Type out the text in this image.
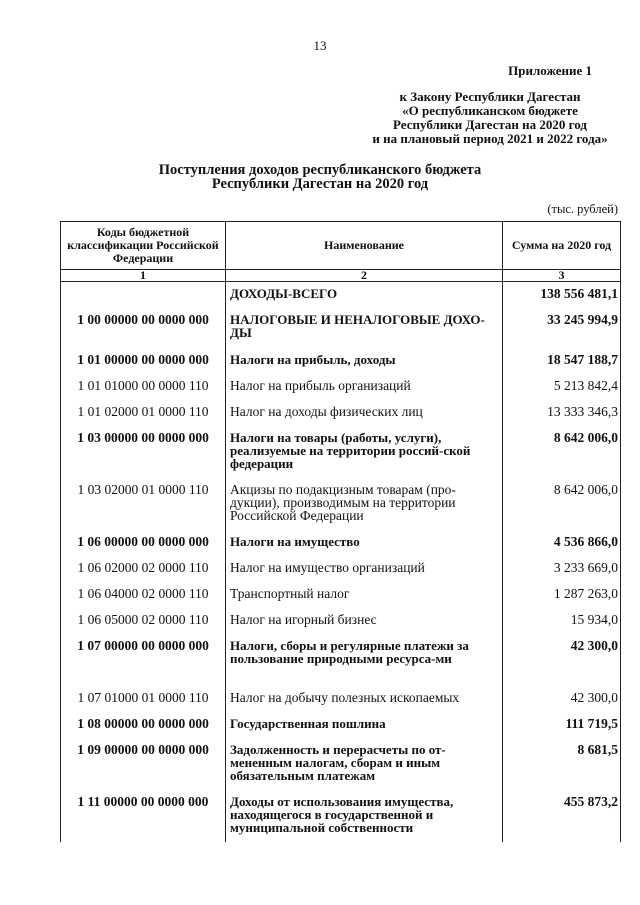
13
Приложение 1
к Закону Республики Дагестан
«О республиканском бюджете
Республики Дагестан на 2020 год
и на плановый период 2021 и 2022 года»
Поступления доходов республиканского бюджета
Республики Дагестан на 2020 год
(тыс. рублей)
Коды бюджетной классификации Российской Федерации	Наименование	Сумма на 2020 год
1	2	3
	ДОХОДЫ-ВСЕГО	138 556 481,1
1 00 00000 00 0000 000	НАЛОГОВЫЕ И НЕНАЛОГОВЫЕ ДОХО-ДЫ	33 245 994,9
1 01 00000 00 0000 000	Налоги на прибыль, доходы	18 547 188,7
1 01 01000 00 0000 110	Налог на прибыль организаций	5 213 842,4
1 01 02000 01 0000 110	Налог на доходы физических лиц	13 333 346,3
1 03 00000 00 0000 000	Налоги на товары (работы, услуги), реализуемые на территории россий-ской федерации	8 642 006,0
1 03 02000 01 0000 110	Акцизы по подакцизным товарам (про-дукции), производимым на территории Российской Федерации	8 642 006,0
1 06 00000 00 0000 000	Налоги на имущество	4 536 866,0
1 06 02000 02 0000 110	Налог на имущество организаций	3 233 669,0
1 06 04000 02 0000 110	Транспортный налог	1 287 263,0
1 06 05000 02 0000 110	Налог на игорный бизнес	15 934,0
1 07 00000 00 0000 000	Налоги, сборы и регулярные платежи за пользование природными ресурса-ми	42 300,0
1 07 01000 01 0000 110	Налог на добычу полезных ископаемых	42 300,0
1 08 00000 00 0000 000	Государственная пошлина	111 719,5
1 09 00000 00 0000 000	Задолженность и перерасчеты по от-мененным налогам, сборам и иным обязательным платежам	8 681,5
1 11 00000 00 0000 000	Доходы от использования имущества, находящегося в государственной и муниципальной собственности	455 873,2
